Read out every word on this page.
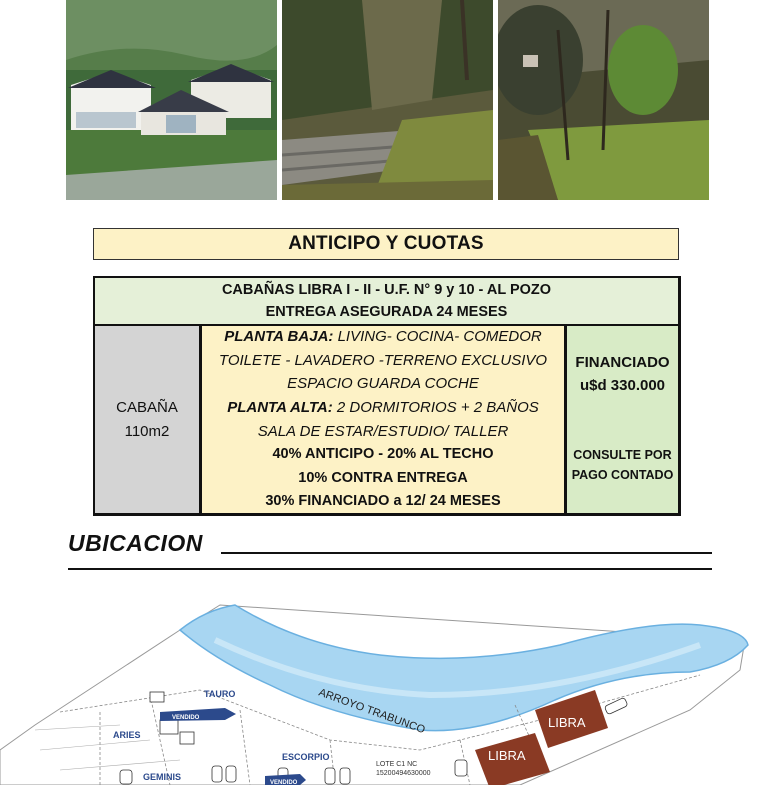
ANTICIPO Y CUOTAS
CABAÑAS LIBRA I - II - U.F. N° 9 y 10 - AL POZO
ENTREGA ASEGURADA 24 MESES
CABAÑA
110m2
PLANTA BAJA: LIVING- COCINA- COMEDOR
TOILETE - LAVADERO -TERRENO EXCLUSIVO
ESPACIO GUARDA COCHE
PLANTA ALTA: 2 DORMITORIOS + 2 BAÑOS
SALA DE ESTAR/ESTUDIO/ TALLER
40% ANTICIPO - 20% AL TECHO
10% CONTRA ENTREGA
30% FINANCIADO a 12/ 24 MESES
FINANCIADO
u$d 330.000
CONSULTE POR
PAGO CONTADO
UBICACION
ARROYO TRABUNCO
TAURO
ARIES
GEMINIS
ESCORPIO
VENDIDO
VENDIDO
LOTE C1 NC
15200494630000
LIBRA
LIBRA
